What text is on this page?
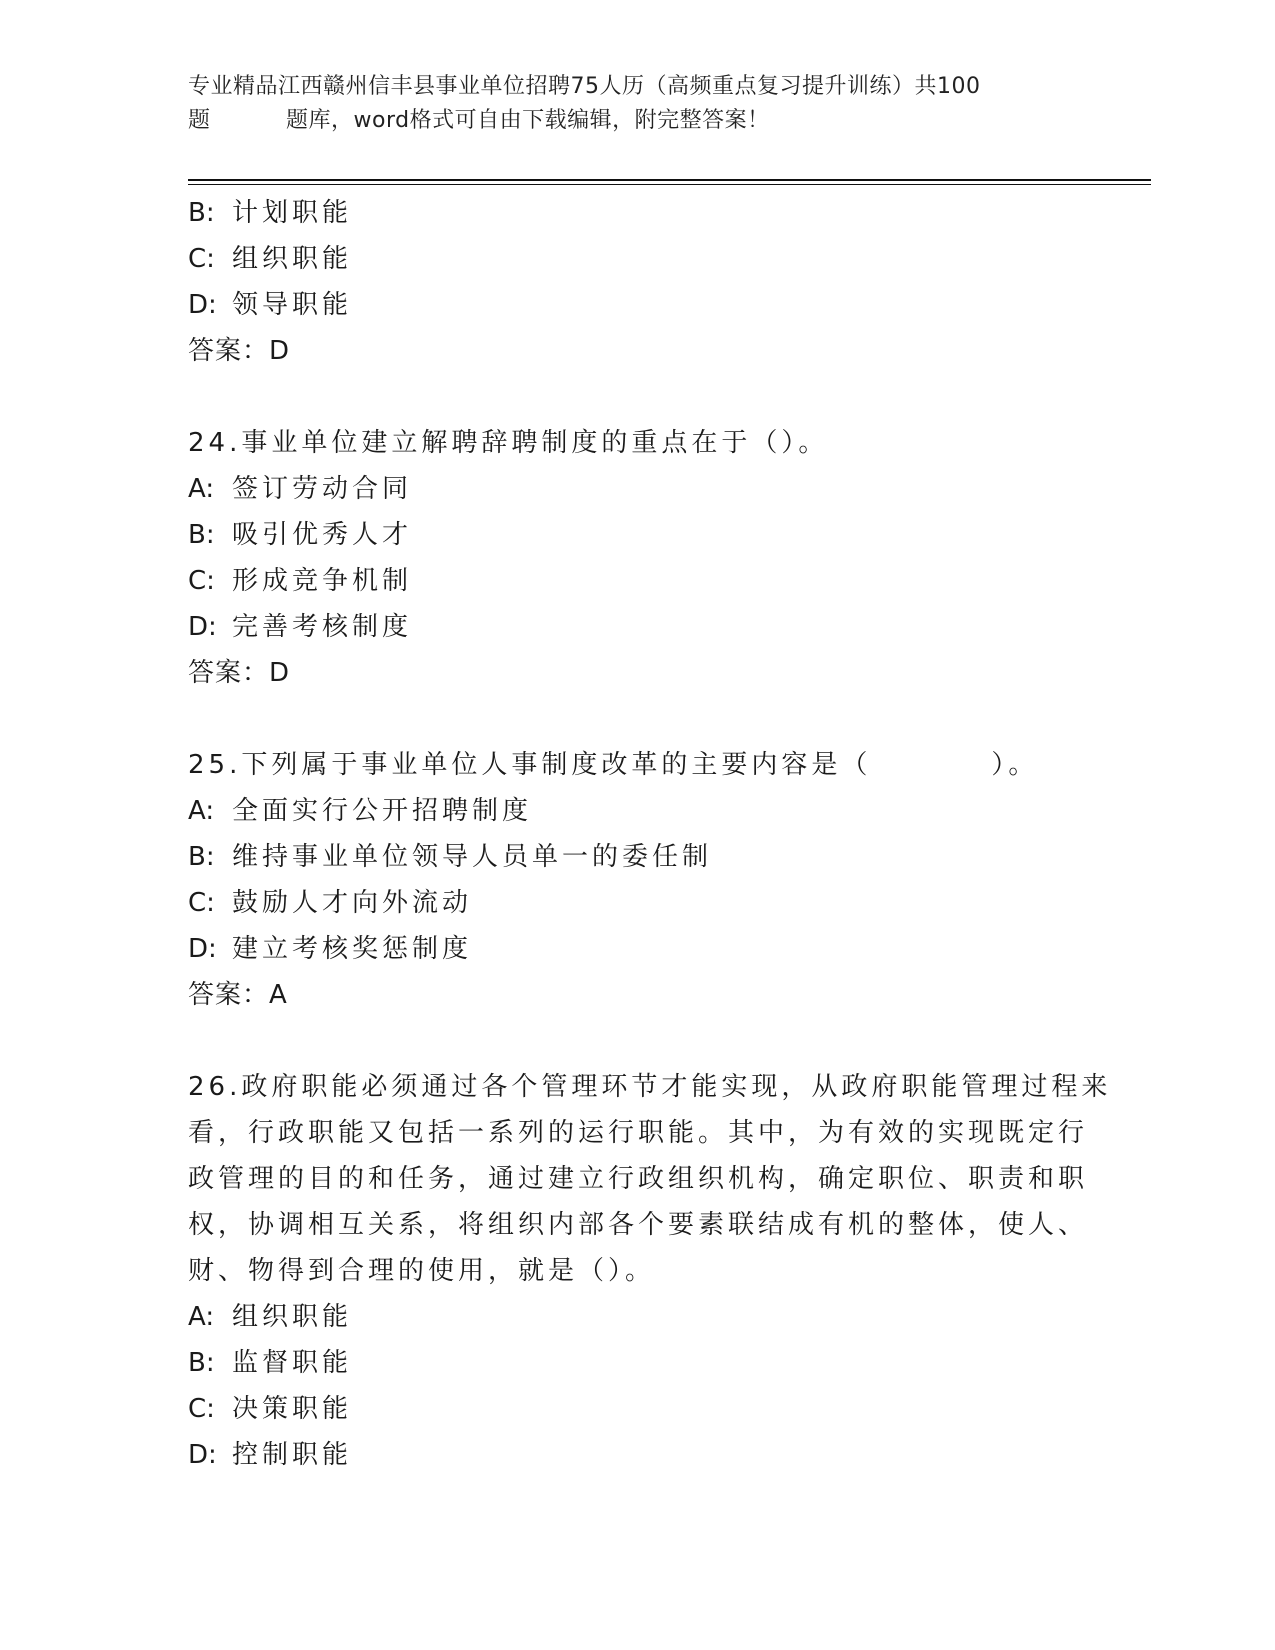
专业精品江西赣州信丰县事业单位招聘75人历（高频重点复习提升训练）共100
题	题库，word格式可自由下载编辑，附完整答案！
B: 计划职能
C: 组织职能
D: 领导职能
答案：D
24.事业单位建立解聘辞聘制度的重点在于（）。
A: 签订劳动合同
B: 吸引优秀人才
C: 形成竞争机制
D: 完善考核制度
答案：D
25.下列属于事业单位人事制度改革的主要内容是（	）。
A: 全面实行公开招聘制度
B: 维持事业单位领导人员单一的委任制
C: 鼓励人才向外流动
D: 建立考核奖惩制度
答案：A
26.政府职能必须通过各个管理环节才能实现，从政府职能管理过程来
看，行政职能又包括一系列的运行职能。其中，为有效的实现既定行
政管理的目的和任务，通过建立行政组织机构，确定职位、职责和职
权，协调相互关系，将组织内部各个要素联结成有机的整体，使人、
财、物得到合理的使用，就是（）。
A: 组织职能
B: 监督职能
C: 决策职能
D: 控制职能
